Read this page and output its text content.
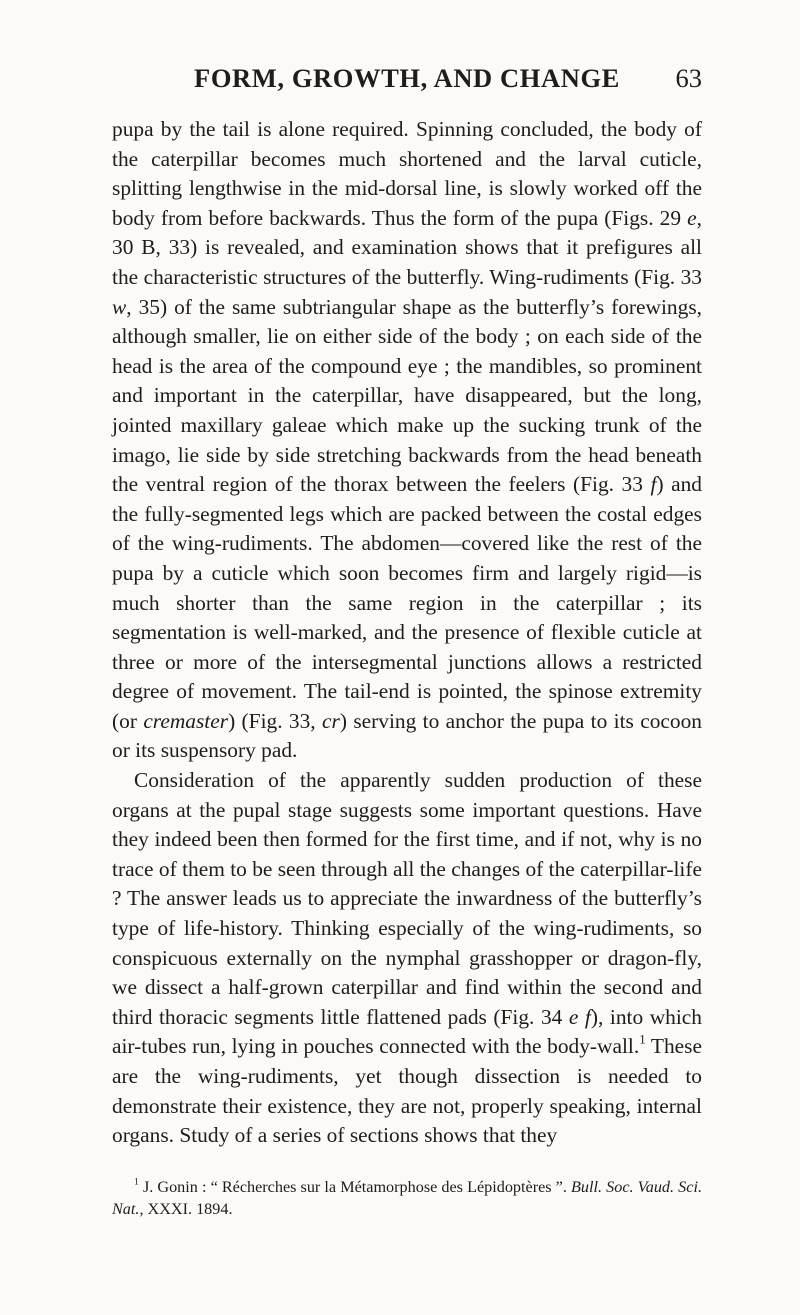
FORM, GROWTH, AND CHANGE	63

pupa by the tail is alone required. Spinning concluded, the body of the caterpillar becomes much shortened and the larval cuticle, splitting lengthwise in the mid-dorsal line, is slowly worked off the body from before backwards. Thus the form of the pupa (Figs. 29 e, 30 B, 33) is revealed, and examination shows that it prefigures all the characteristic structures of the butterfly. Wing-rudiments (Fig. 33 w, 35) of the same subtriangular shape as the butterfly’s forewings, although smaller, lie on either side of the body ; on each side of the head is the area of the compound eye ; the mandibles, so prominent and important in the caterpillar, have disappeared, but the long, jointed maxillary galeae which make up the sucking trunk of the imago, lie side by side stretching backwards from the head beneath the ventral region of the thorax between the feelers (Fig. 33 f) and the fully-segmented legs which are packed between the costal edges of the wing-rudiments. The abdomen—covered like the rest of the pupa by a cuticle which soon becomes firm and largely rigid—is much shorter than the same region in the caterpillar ; its segmentation is well-marked, and the presence of flexible cuticle at three or more of the intersegmental junctions allows a restricted degree of movement. The tail-end is pointed, the spinose extremity (or cremaster) (Fig. 33, cr) serving to anchor the pupa to its cocoon or its suspensory pad.

Consideration of the apparently sudden production of these organs at the pupal stage suggests some important questions. Have they indeed been then formed for the first time, and if not, why is no trace of them to be seen through all the changes of the caterpillar-life ? The answer leads us to appreciate the inwardness of the butterfly’s type of life-history. Thinking especially of the wing-rudiments, so conspicuous externally on the nymphal grasshopper or dragon-fly, we dissect a half-grown caterpillar and find within the second and third thoracic segments little flattened pads (Fig. 34 e f), into which air-tubes run, lying in pouches connected with the body-wall.$^1$ These are the wing-rudiments, yet though dissection is needed to demonstrate their existence, they are not, properly speaking, internal organs. Study of a series of sections shows that they

$^1$ J. Gonin : “ Récherches sur la Métamorphose des Lépidoptères ”. Bull. Soc. Vaud. Sci. Nat., XXXI. 1894.
